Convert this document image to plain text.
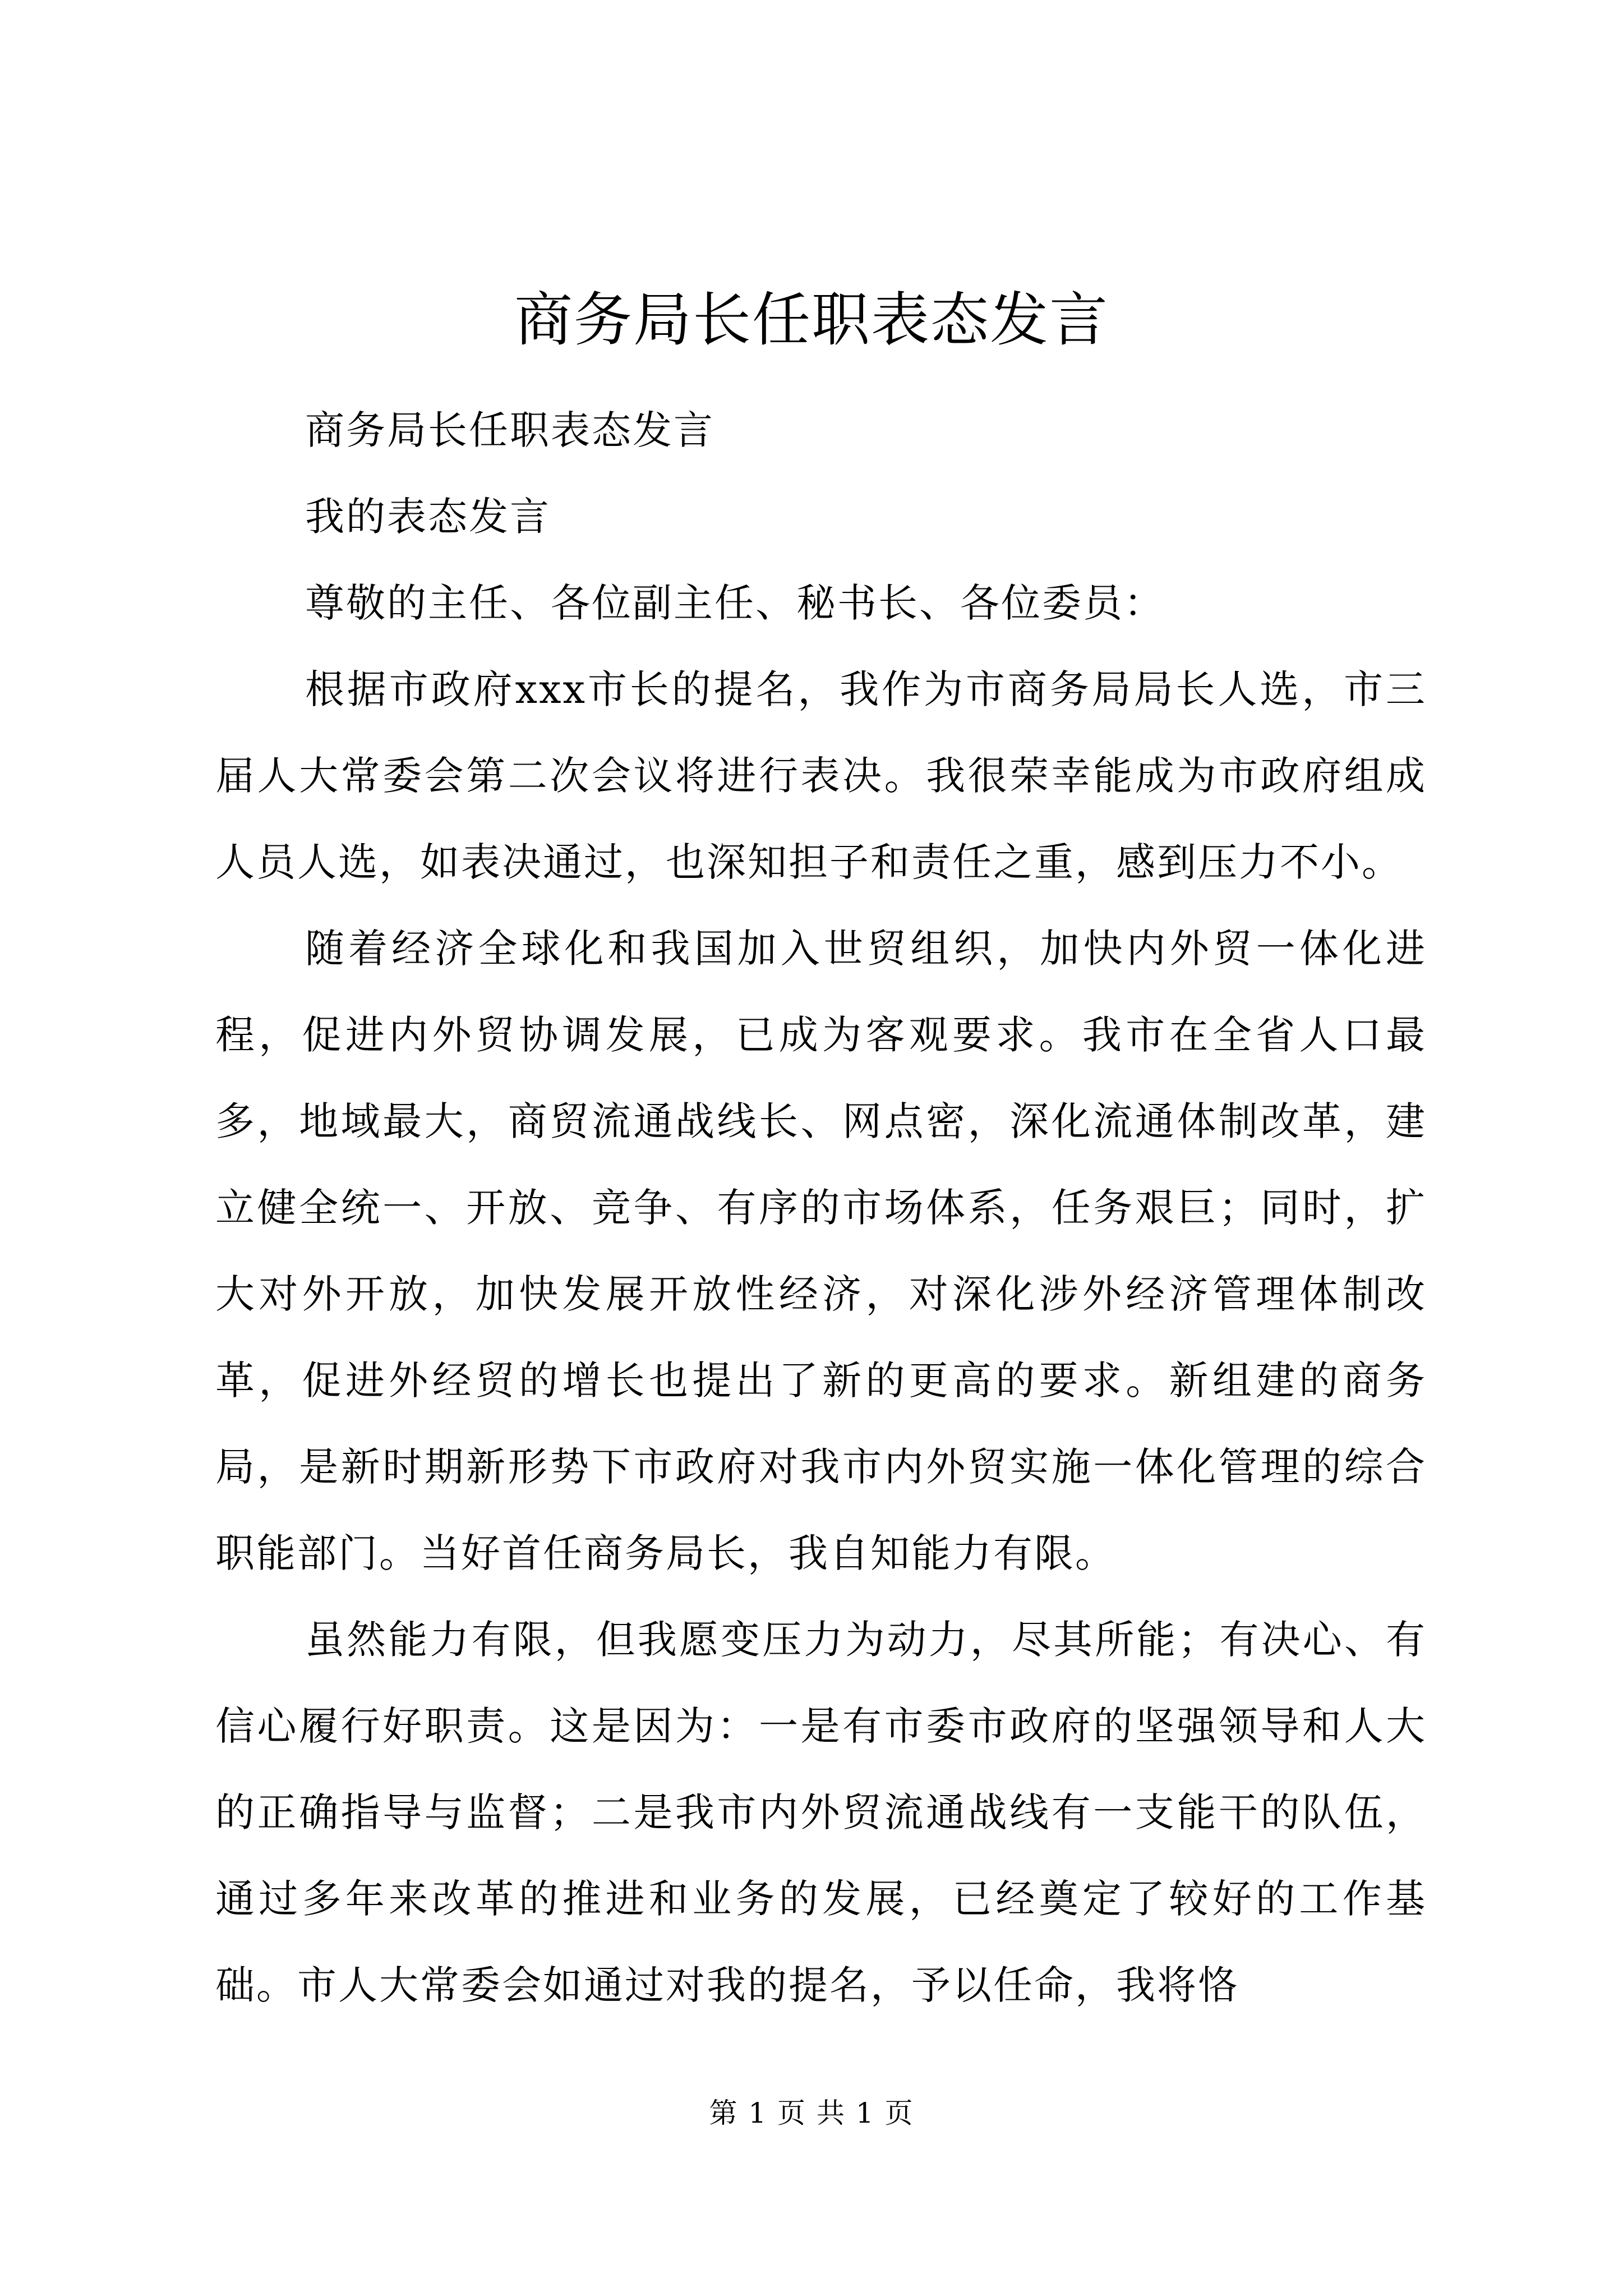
商务局长任职表态发言

商务局长任职表态发言

我的表态发言

尊敬的主任、各位副主任、秘书长、各位委员：

根据市政府xxx市长的提名，我作为市商务局局长人选，市三届人大常委会第二次会议将进行表决。我很荣幸能成为市政府组成人员人选，如表决通过，也深知担子和责任之重，感到压力不小。

随着经济全球化和我国加入世贸组织，加快内外贸一体化进程，促进内外贸协调发展，已成为客观要求。我市在全省人口最多，地域最大，商贸流通战线长、网点密，深化流通体制改革，建立健全统一、开放、竞争、有序的市场体系，任务艰巨；同时，扩大对外开放，加快发展开放性经济，对深化涉外经济管理体制改革，促进外经贸的增长也提出了新的更高的要求。新组建的商务局，是新时期新形势下市政府对我市内外贸实施一体化管理的综合职能部门。当好首任商务局长，我自知能力有限。

虽然能力有限，但我愿变压力为动力，尽其所能；有决心、有信心履行好职责。这是因为：一是有市委市政府的坚强领导和人大的正确指导与监督；二是我市内外贸流通战线有一支能干的队伍，通过多年来改革的推进和业务的发展，已经奠定了较好的工作基础。市人大常委会如通过对我的提名，予以任命，我将恪

第 1 页 共 1 页
